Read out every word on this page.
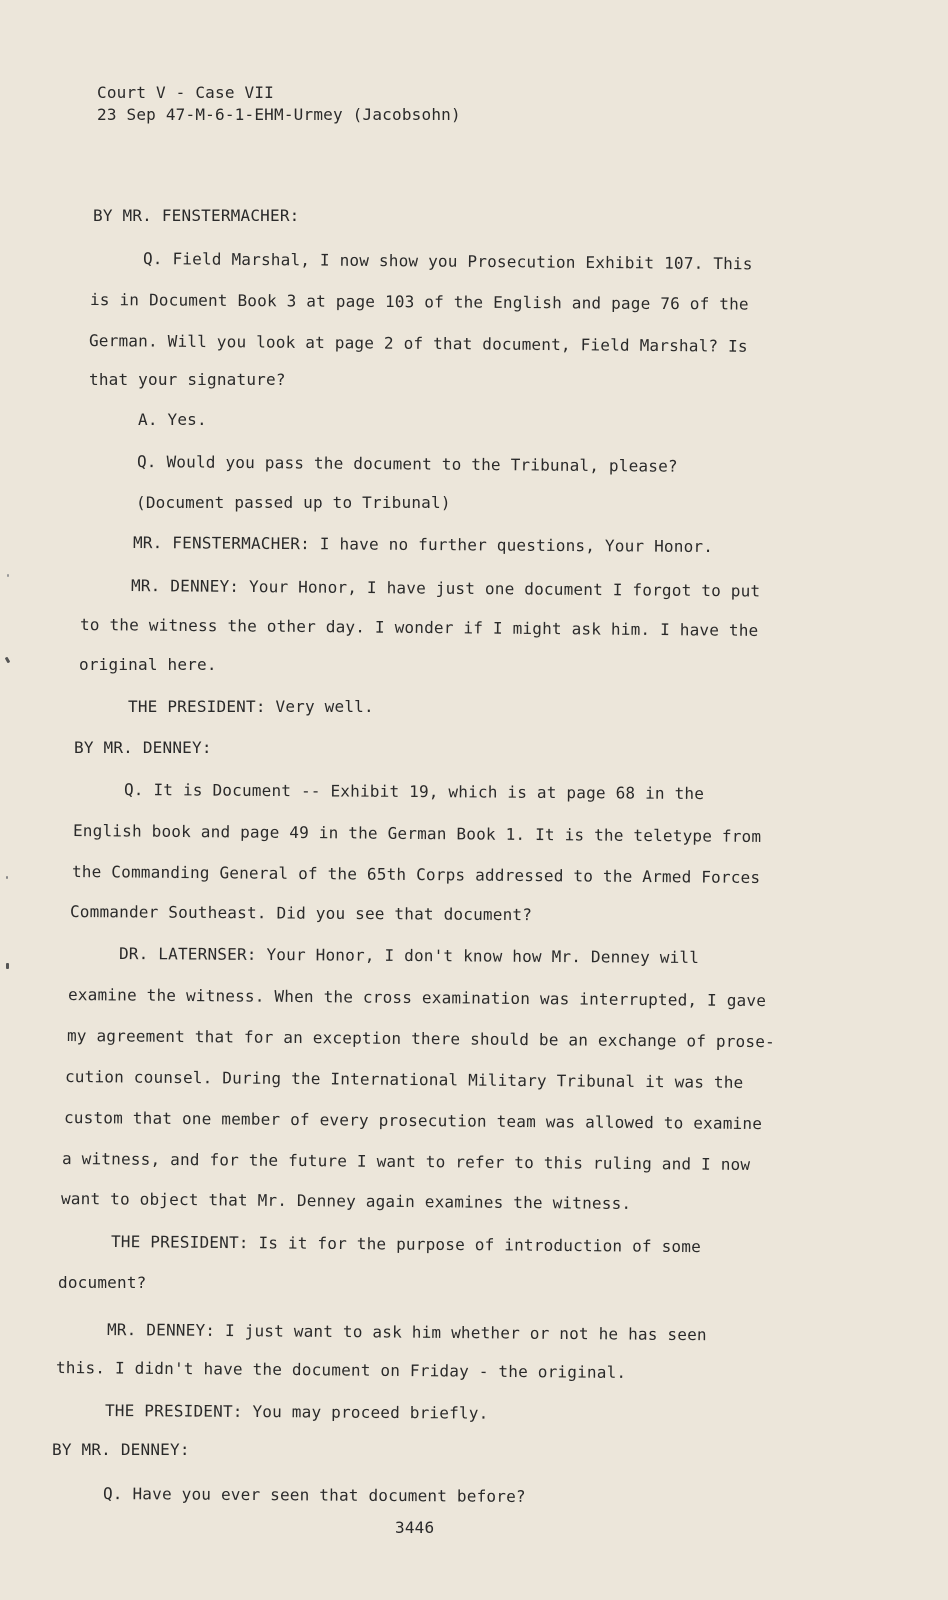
Court V - Case VII
23 Sep 47-M-6-1-EHM-Urmey (Jacobsohn)
BY MR. FENSTERMACHER:
Q. Field Marshal, I now show you Prosecution Exhibit 107. This
is in Document Book 3 at page 103 of the English and page 76 of the
German. Will you look at page 2 of that document, Field Marshal? Is
that your signature?
A. Yes.
Q. Would you pass the document to the Tribunal, please?
(Document passed up to Tribunal)
MR. FENSTERMACHER: I have no further questions, Your Honor.
MR. DENNEY: Your Honor, I have just one document I forgot to put
to the witness the other day. I wonder if I might ask him. I have the
original here.
THE PRESIDENT: Very well.
BY MR. DENNEY:
Q. It is Document -- Exhibit 19, which is at page 68 in the
English book and page 49 in the German Book 1. It is the teletype from
the Commanding General of the 65th Corps addressed to the Armed Forces
Commander Southeast. Did you see that document?
DR. LATERNSER: Your Honor, I don't know how Mr. Denney will
examine the witness. When the cross examination was interrupted, I gave
my agreement that for an exception there should be an exchange of prose-
cution counsel. During the International Military Tribunal it was the
custom that one member of every prosecution team was allowed to examine
a witness, and for the future I want to refer to this ruling and I now
want to object that Mr. Denney again examines the witness.
THE PRESIDENT: Is it for the purpose of introduction of some
document?
MR. DENNEY: I just want to ask him whether or not he has seen
this. I didn't have the document on Friday - the original.
THE PRESIDENT: You may proceed briefly.
BY MR. DENNEY:
Q. Have you ever seen that document before?
3446
